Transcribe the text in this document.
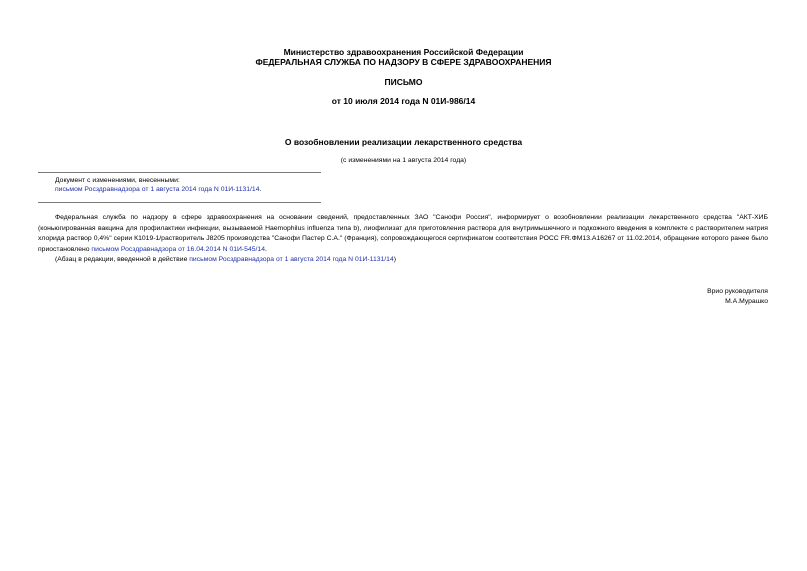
Министерство здравоохранения Российской Федерации
ФЕДЕРАЛЬНАЯ СЛУЖБА ПО НАДЗОРУ В СФЕРЕ ЗДРАВООХРАНЕНИЯ
ПИСЬМО
от 10 июля 2014 года N 01И-986/14
О возобновлении реализации лекарственного средства
(с изменениями на 1 августа 2014 года)
Документ с изменениями, внесенными:
письмом Росздравнадзора от 1 августа 2014 года N 01И-1131/14.

Федеральная служба по надзору в сфере здравоохранения на основании сведений, предоставленных ЗАО "Санофи Россия", информирует о возобновлении реализации лекарственного средства "АКТ-ХИБ (коньюгированная вакцина для профилактики инфекции, вызываемой Haemophilus influenza типа b), лиофилизат для приготовления раствора для внутримышечного и подкожного введения в комплекте с растворителем натрия хлорида раствор 0,4%" серии К1019-1/растворитель J8205 производства "Санофи Пастер С.А." (Франция), сопровождающегося сертификатом соответствия РОСС FR.ФМ13.А16267 от 11.02.2014, обращение которого ранее было приостановлено письмом Росздравнадзора от 16.04.2014 N 01И-545/14.

(Абзац в редакции, введенной в действие письмом Росздравнадзора от 1 августа 2014 года N 01И-1131/14)
Врио руководителя
М.А.Мурашко
